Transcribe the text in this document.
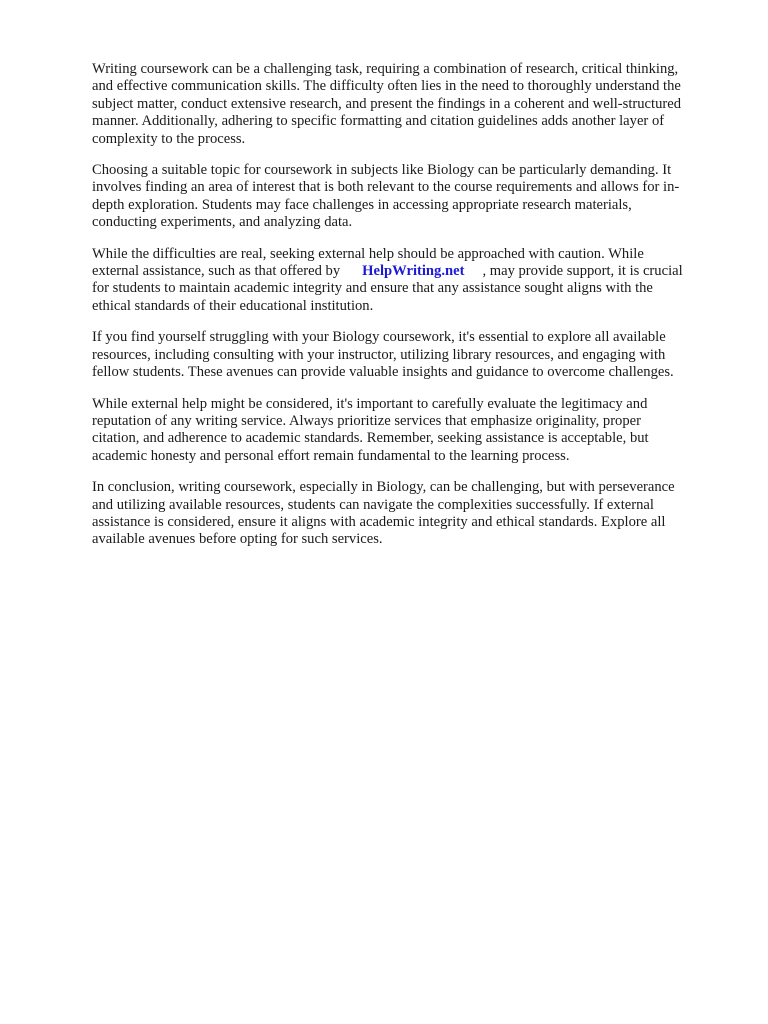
Writing coursework can be a challenging task, requiring a combination of research, critical thinking,
and effective communication skills. The difficulty often lies in the need to thoroughly understand the
subject matter, conduct extensive research, and present the findings in a coherent and well-structured
manner. Additionally, adhering to specific formatting and citation guidelines adds another layer of
complexity to the process.

Choosing a suitable topic for coursework in subjects like Biology can be particularly demanding. It
involves finding an area of interest that is both relevant to the course requirements and allows for in-
depth exploration. Students may face challenges in accessing appropriate research materials,
conducting experiments, and analyzing data.

While the difficulties are real, seeking external help should be approached with caution. While
external assistance, such as that offered by HelpWriting.net , may provide support, it is crucial
for students to maintain academic integrity and ensure that any assistance sought aligns with the
ethical standards of their educational institution.

If you find yourself struggling with your Biology coursework, it's essential to explore all available
resources, including consulting with your instructor, utilizing library resources, and engaging with
fellow students. These avenues can provide valuable insights and guidance to overcome challenges.

While external help might be considered, it's important to carefully evaluate the legitimacy and
reputation of any writing service. Always prioritize services that emphasize originality, proper
citation, and adherence to academic standards. Remember, seeking assistance is acceptable, but
academic honesty and personal effort remain fundamental to the learning process.

In conclusion, writing coursework, especially in Biology, can be challenging, but with perseverance
and utilizing available resources, students can navigate the complexities successfully. If external
assistance is considered, ensure it aligns with academic integrity and ethical standards. Explore all
available avenues before opting for such services.
